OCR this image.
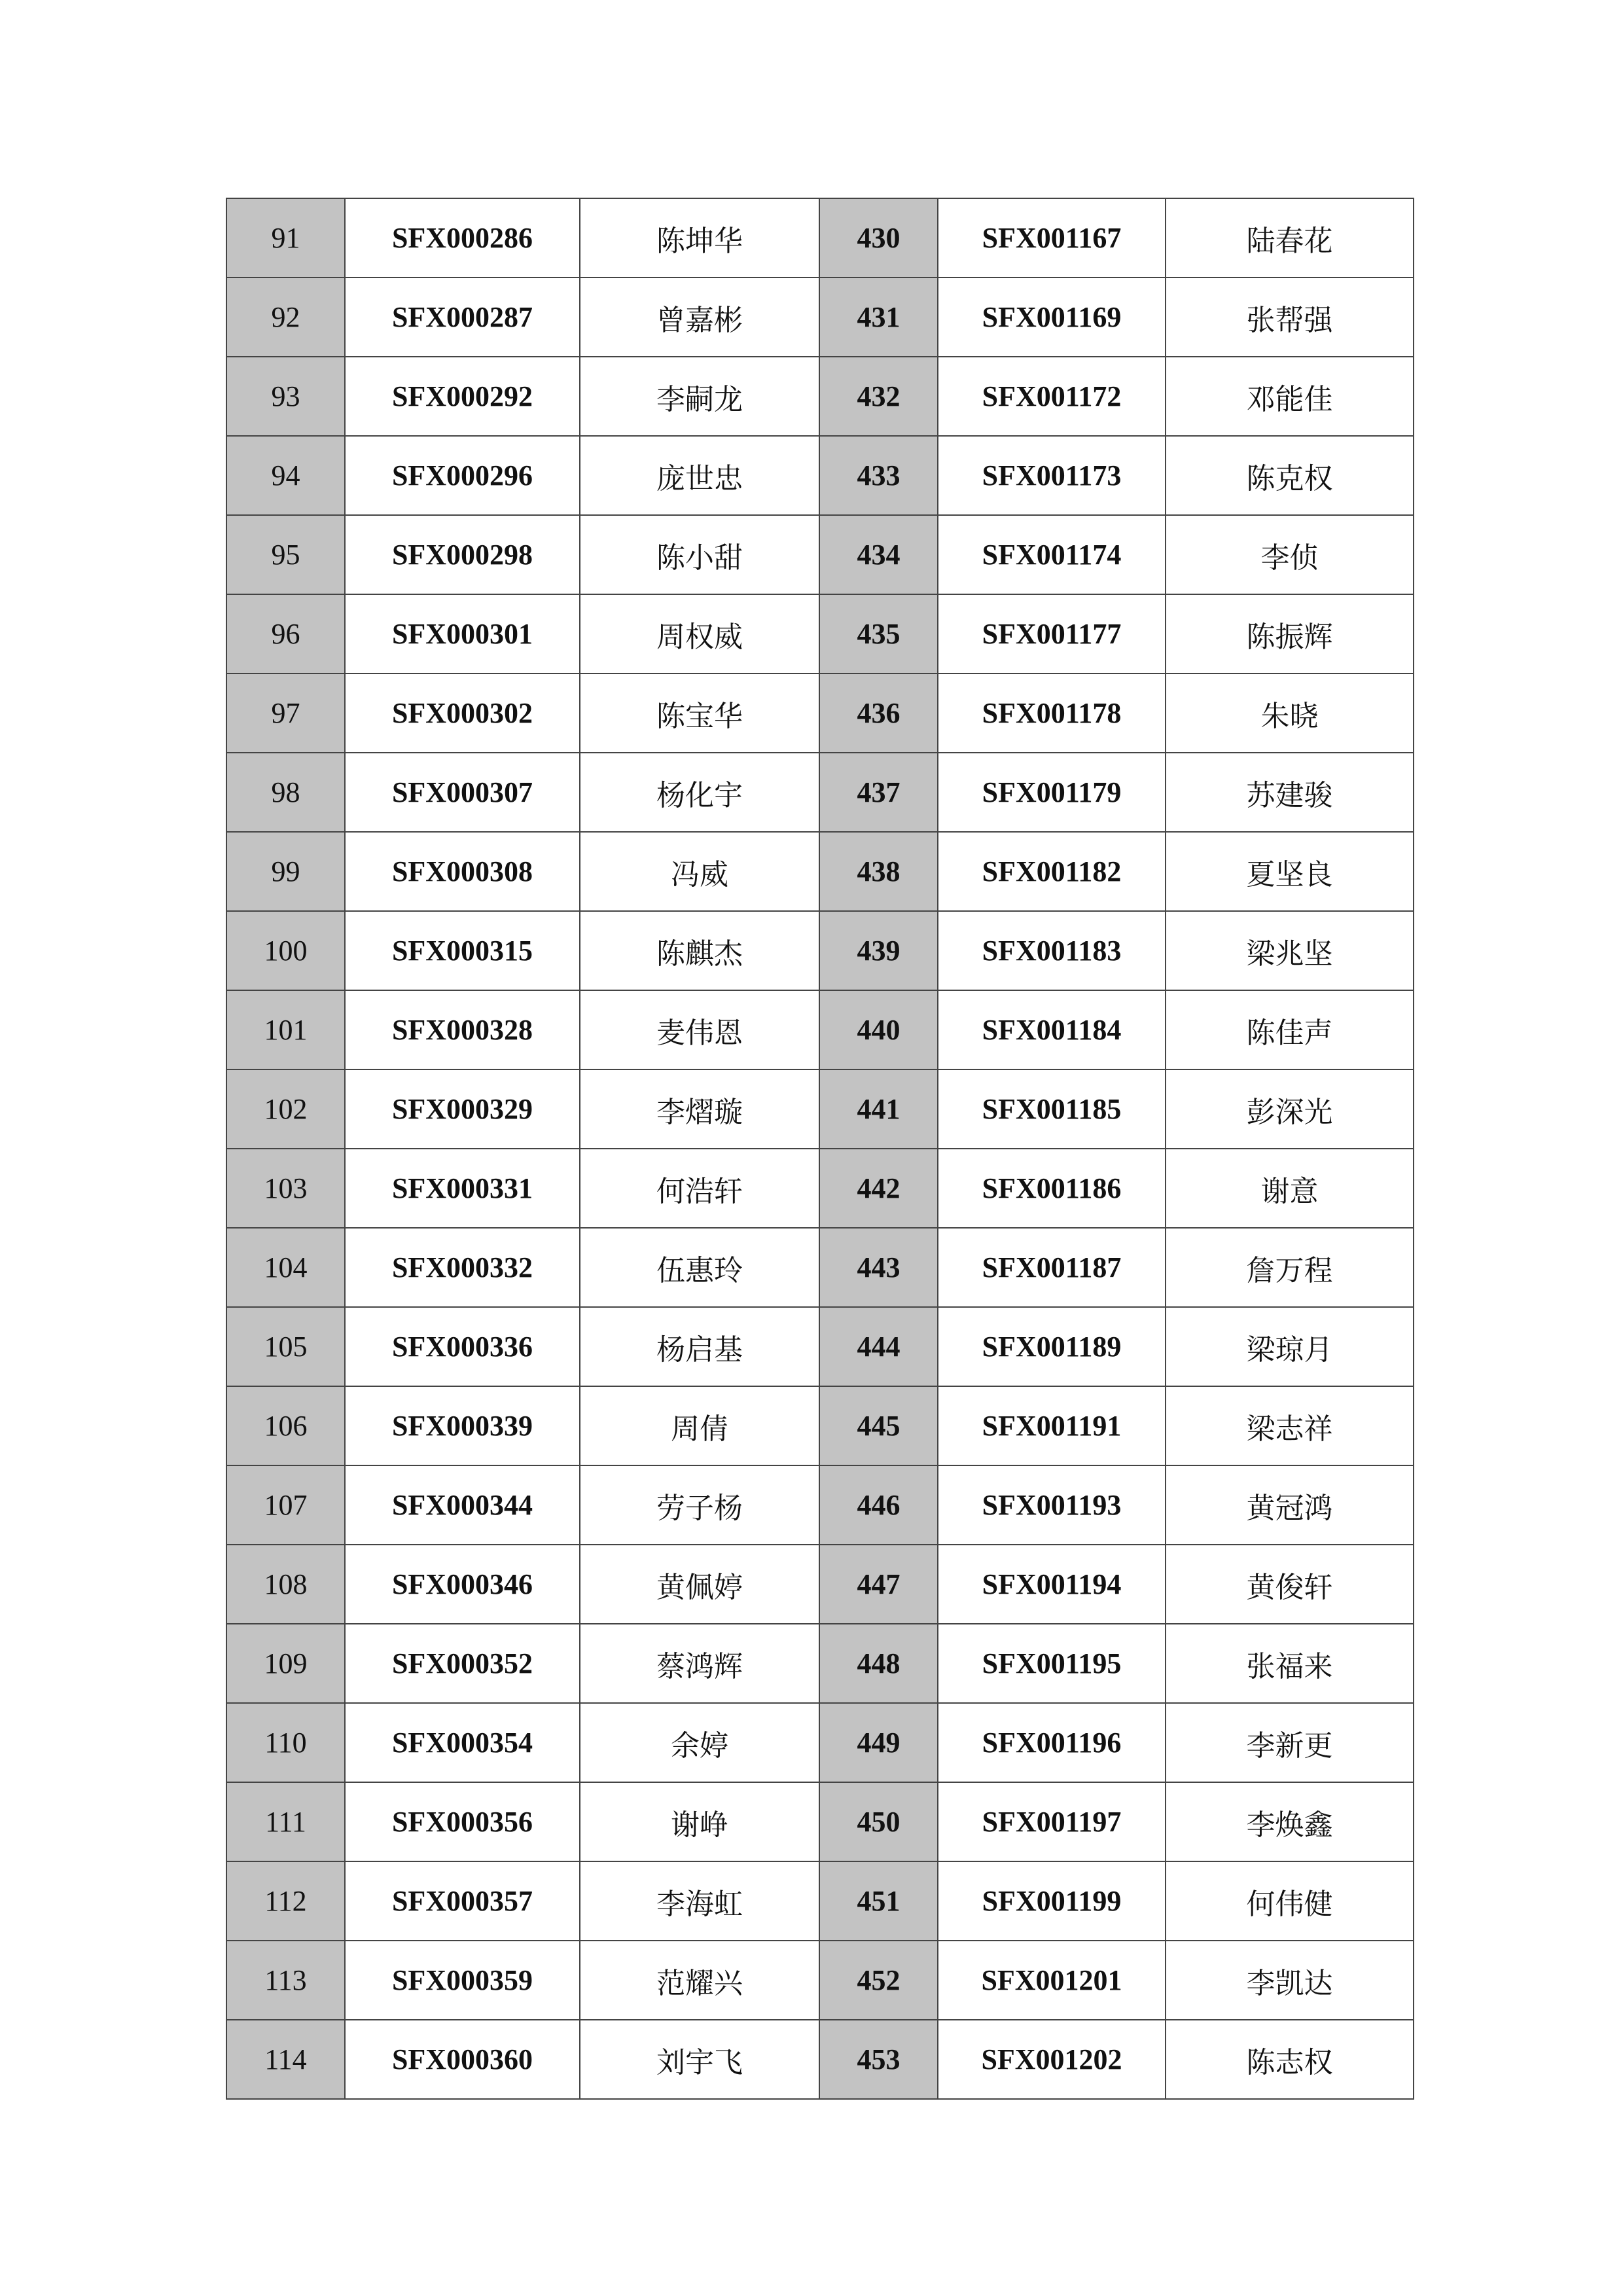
91	SFX000286	陈坤华	430	SFX001167	陆春花
92	SFX000287	曾嘉彬	431	SFX001169	张帮强
93	SFX000292	李嗣龙	432	SFX001172	邓能佳
94	SFX000296	庞世忠	433	SFX001173	陈克权
95	SFX000298	陈小甜	434	SFX001174	李侦
96	SFX000301	周权威	435	SFX001177	陈振辉
97	SFX000302	陈宝华	436	SFX001178	朱晓
98	SFX000307	杨化宇	437	SFX001179	苏建骏
99	SFX000308	冯威	438	SFX001182	夏坚良
100	SFX000315	陈麒杰	439	SFX001183	梁兆坚
101	SFX000328	麦伟恩	440	SFX001184	陈佳声
102	SFX000329	李熠璇	441	SFX001185	彭深光
103	SFX000331	何浩轩	442	SFX001186	谢意
104	SFX000332	伍惠玲	443	SFX001187	詹万程
105	SFX000336	杨启基	444	SFX001189	梁琼月
106	SFX000339	周倩	445	SFX001191	梁志祥
107	SFX000344	劳子杨	446	SFX001193	黄冠鸿
108	SFX000346	黄佩婷	447	SFX001194	黄俊轩
109	SFX000352	蔡鸿辉	448	SFX001195	张福来
110	SFX000354	余婷	449	SFX001196	李新更
111	SFX000356	谢峥	450	SFX001197	李焕鑫
112	SFX000357	李海虹	451	SFX001199	何伟健
113	SFX000359	范耀兴	452	SFX001201	李凯达
114	SFX000360	刘宇飞	453	SFX001202	陈志权
